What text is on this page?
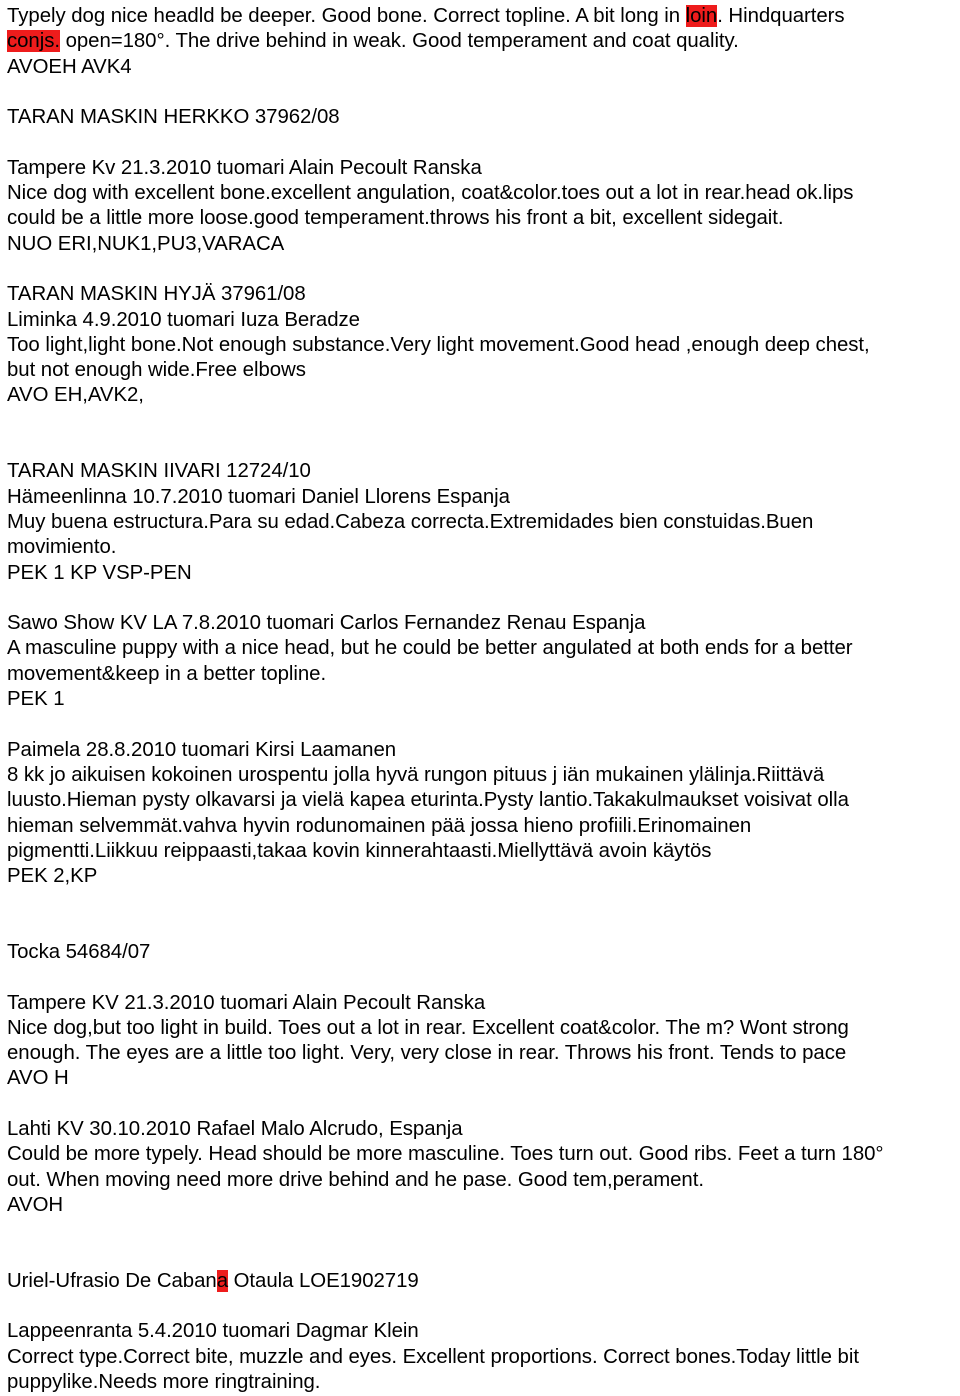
Typely dog nice headld be deeper. Good bone. Correct topline. A bit long in loin. Hindquarters
conjs. open=180°. The drive behind in weak. Good temperament and coat quality.
AVOEH AVK4
TARAN MASKIN HERKKO 37962/08
Tampere Kv 21.3.2010 tuomari Alain Pecoult Ranska
Nice dog with excellent bone.excellent angulation, coat&color.toes out a lot in rear.head ok.lips
could be a little more loose.good temperament.throws his front a bit, excellent sidegait.
NUO ERI,NUK1,PU3,VARACA
TARAN MASKIN HYJÄ 37961/08
Liminka 4.9.2010 tuomari Iuza Beradze
Too light,light bone.Not enough substance.Very light movement.Good head ,enough deep chest,
but not enough wide.Free elbows
AVO EH,AVK2,
TARAN MASKIN IIVARI 12724/10
Hämeenlinna 10.7.2010 tuomari Daniel Llorens Espanja
Muy buena estructura.Para su edad.Cabeza correcta.Extremidades bien constuidas.Buen
movimiento.
PEK 1 KP VSP-PEN
Sawo Show KV LA 7.8.2010 tuomari Carlos Fernandez Renau Espanja
A masculine puppy with a nice head, but he could be better angulated at both ends for a better
movement&keep in a better topline.
PEK 1
Paimela 28.8.2010 tuomari Kirsi Laamanen
8 kk jo aikuisen kokoinen urospentu jolla hyvä rungon pituus j iän mukainen ylälinja.Riittävä
luusto.Hieman pysty olkavarsi ja vielä kapea eturinta.Pysty lantio.Takakulmaukset voisivat olla
hieman selvemmät.vahva hyvin rodunomainen pää jossa hieno profiili.Erinomainen
pigmentti.Liikkuu reippaasti,takaa kovin kinnerahtaasti.Miellyttävä avoin käytös
PEK 2,KP
Tocka 54684/07
Tampere KV 21.3.2010 tuomari Alain Pecoult Ranska
Nice dog,but too light in build. Toes out a lot in rear. Excellent coat&color. The m? Wont strong
enough. The eyes are a little too light. Very, very close in rear. Throws his front. Tends to pace
AVO H
Lahti KV 30.10.2010 Rafael Malo Alcrudo, Espanja
Could be more typely. Head should be more masculine. Toes turn out. Good ribs. Feet a turn 180°
out. When moving need more drive behind and he pase. Good tem,perament.
AVOH
Uriel-Ufrasio De Cabana Otaula LOE1902719
Lappeenranta 5.4.2010 tuomari Dagmar Klein
Correct type.Correct bite, muzzle and eyes. Excellent proportions. Correct bones.Today little bit
puppylike.Needs more ringtraining.
